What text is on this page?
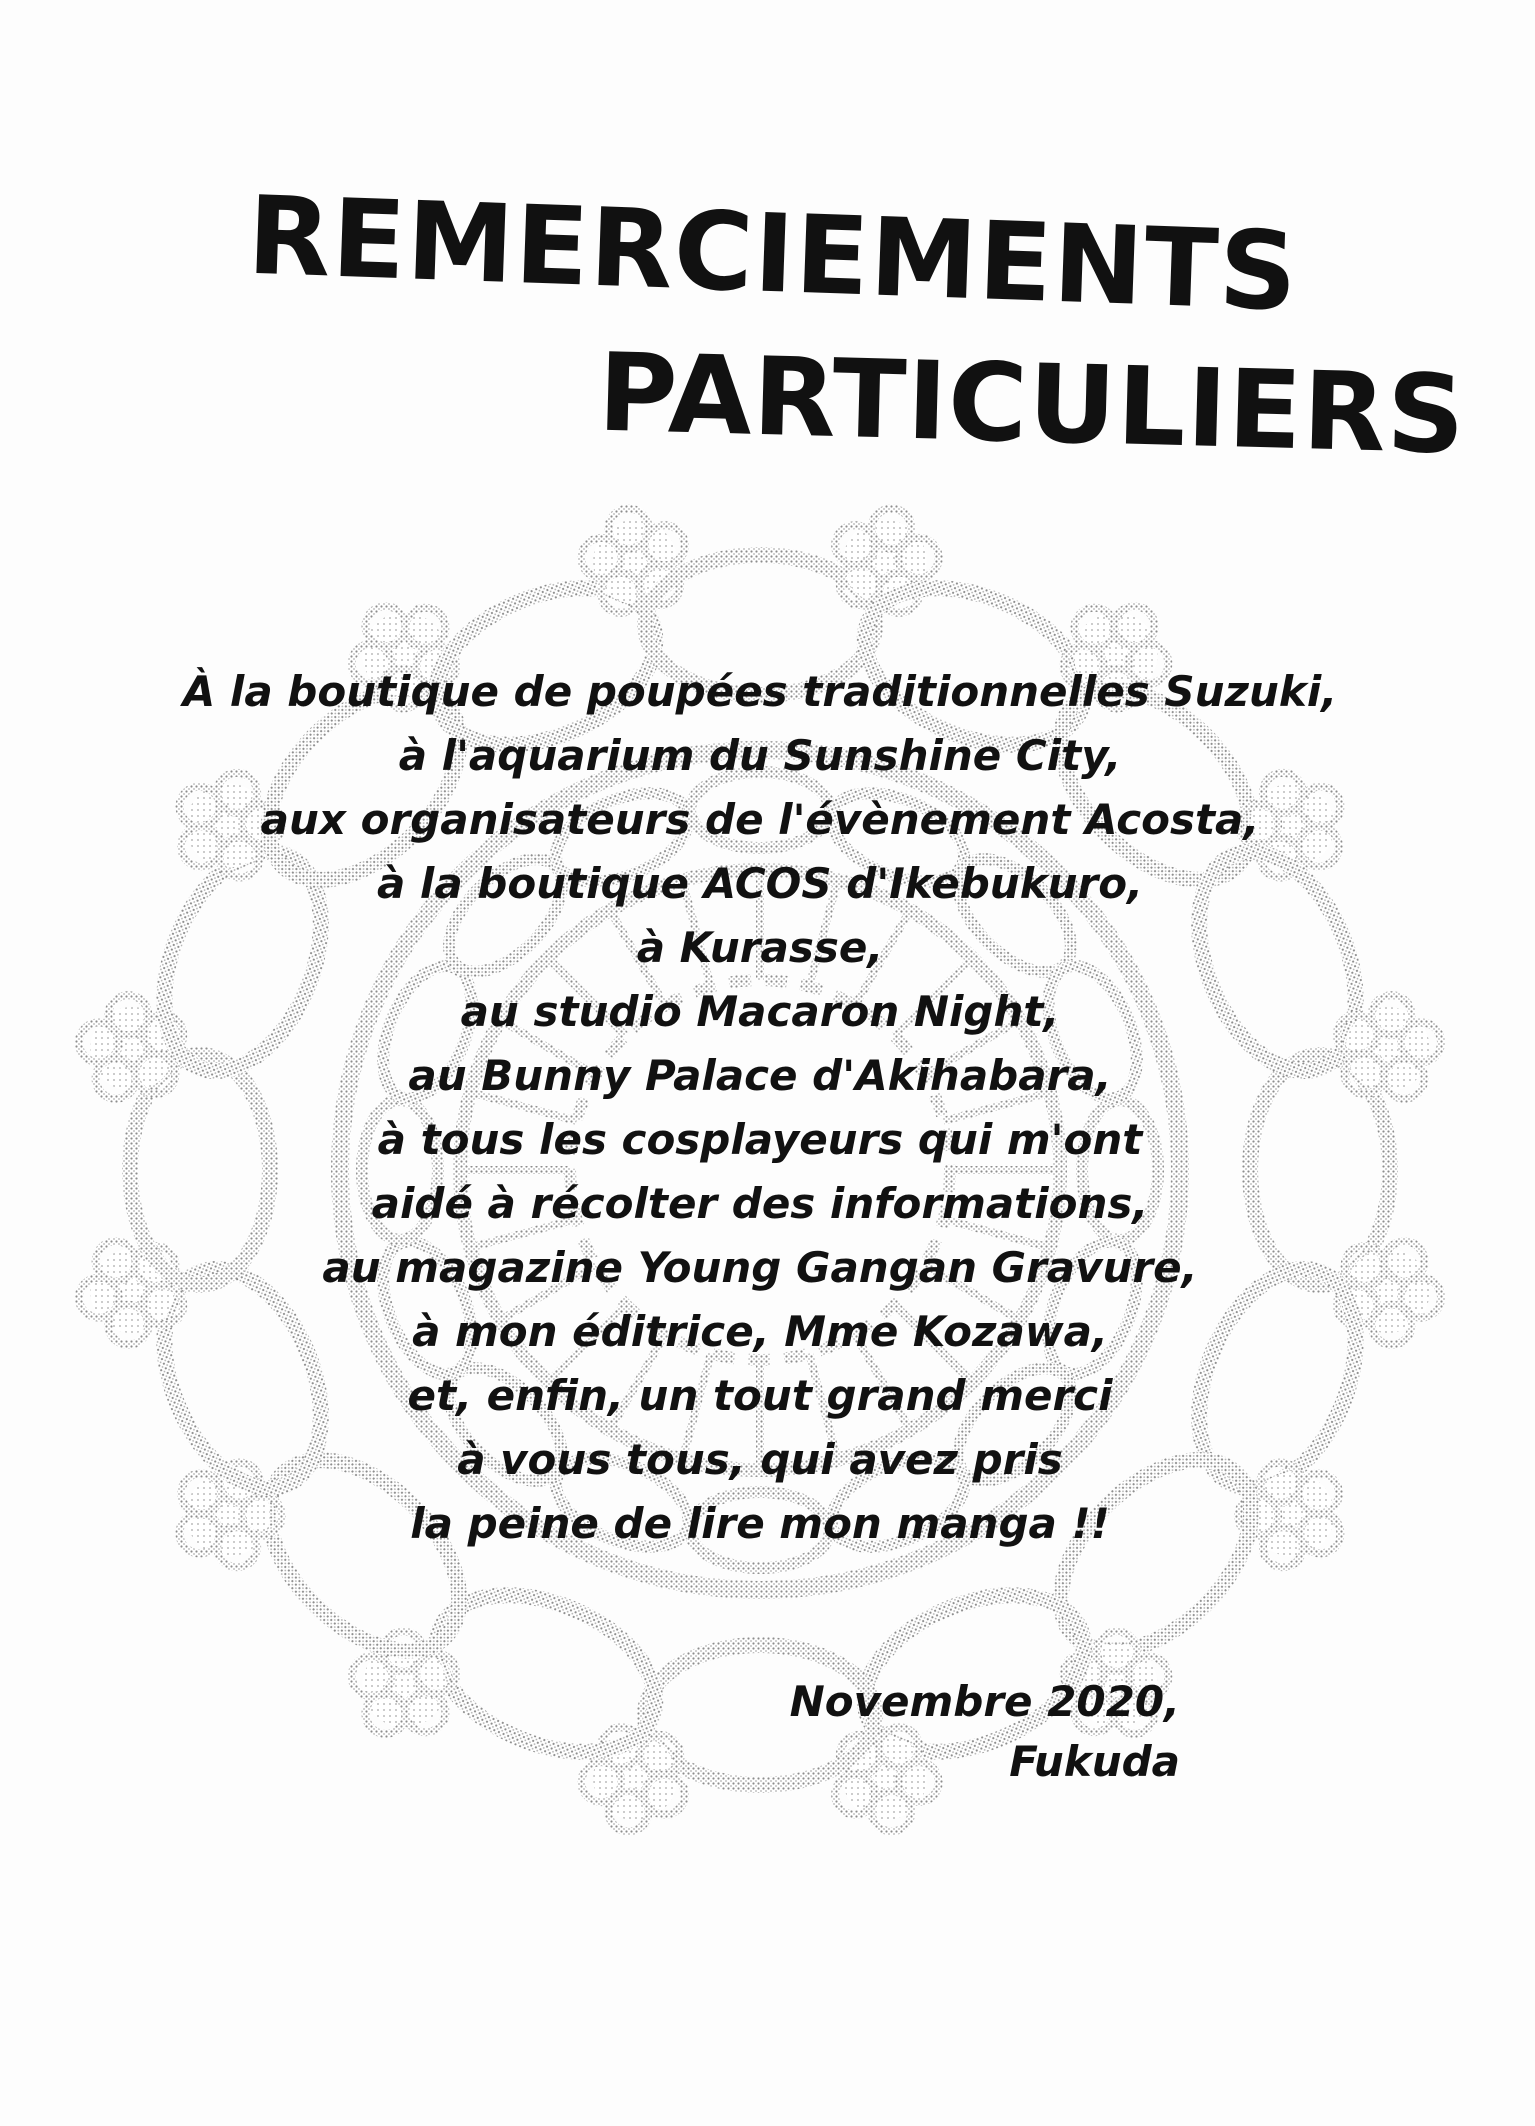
REMERCIEMENTS
PARTICULIERS
À la boutique de poupées traditionnelles Suzuki,
à l'aquarium du Sunshine City,
aux organisateurs de l'évènement Acosta,
à la boutique ACOS d'Ikebukuro,
à Kurasse,
au studio Macaron Night,
au Bunny Palace d'Akihabara,
à tous les cosplayeurs qui m'ont
aidé à récolter des informations,
au magazine Young Gangan Gravure,
à mon éditrice, Mme Kozawa,
et, enfin, un tout grand merci
à vous tous, qui avez pris
la peine de lire mon manga !!
Novembre 2020, Fukuda
